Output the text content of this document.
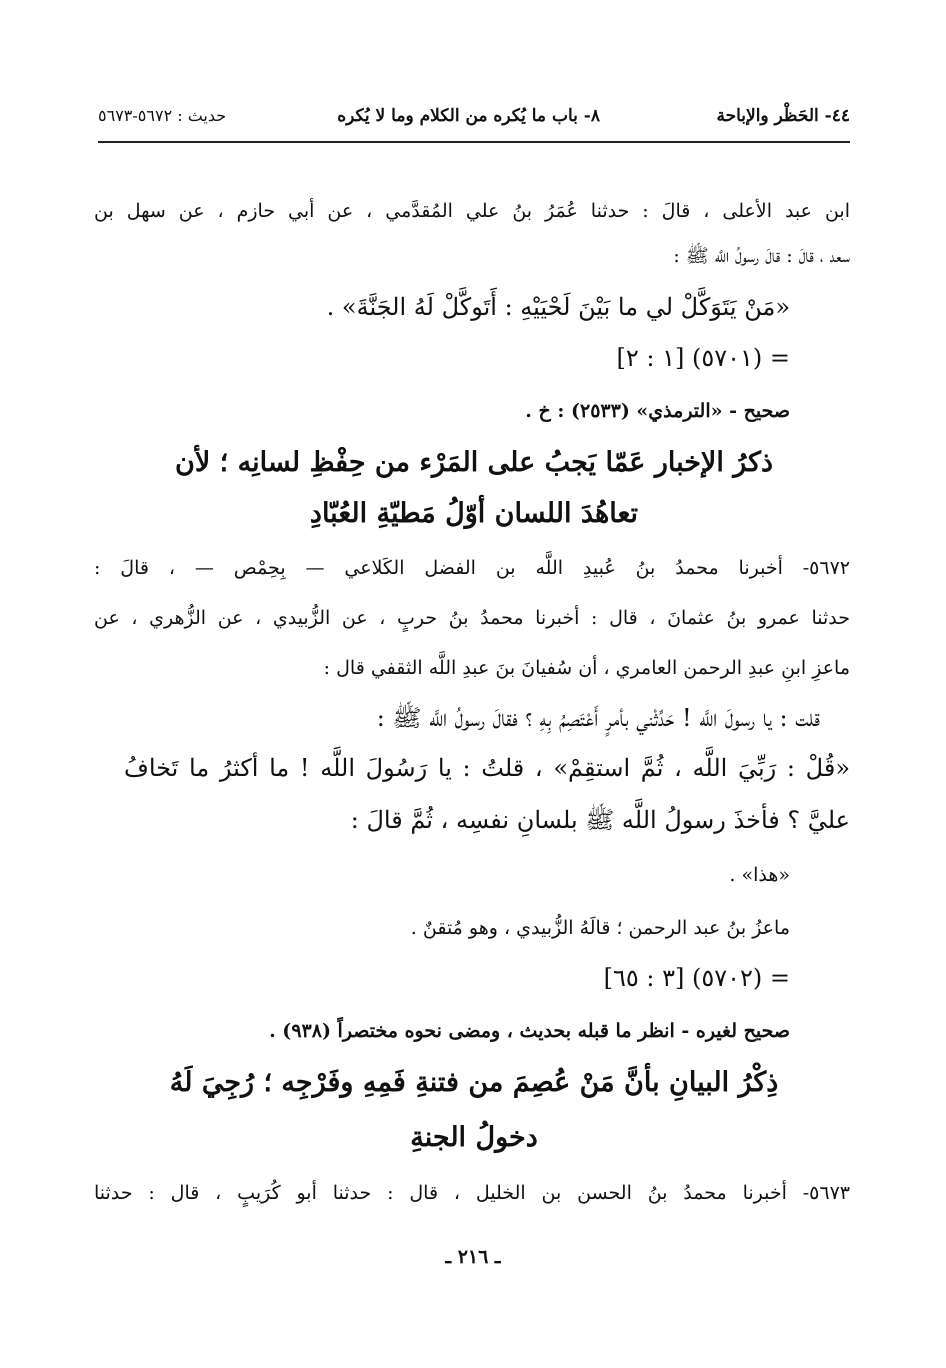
٤٤- الحَظْر والإباحة
٨- باب ما يُكره من الكلام وما لا يُكره
حديث : ٥٦٧٢-٥٦٧٣
ابن عبد الأعلى ، قالَ : حدثنا عُمَرُ بنُ علي المُقدَّمي ، عن أبي حازم ، عن سهل بن
سعد ، قالَ : قالَ رسولُ اللَّه ﷺ :
«مَنْ يَتَوَكَّلْ لي ما بَيْنَ لَحْيَيْهِ : أَتَوكَّلْ لَهُ الجَنَّةَ» .
= (٥٧٠١) [١ : ٢]
صحيح - «الترمذي» (٢٥٣٣) : خ .
ذكرُ الإخبار عَمّا يَجبُ على المَرْء من حِفْظِ لسانِه ؛ لأن
تعاهُدَ اللسان أوّلُ مَطيّةِ العُبّادِ
٥٦٧٢- أخبرنا محمدُ بنُ عُبيدِ اللَّه بن الفضل الكَلاعي — بِحِمْص — ، قالَ :
حدثنا عمرو بنُ عثمانَ ، قال : أخبرنا محمدُ بنُ حربٍ ، عن الزُّبيدي ، عن الزُّهري ، عن
ماعزِ ابنِ عبدِ الرحمن العامري ، أن سُفيانَ بنَ عبدِ اللَّه الثقفي قال :
قلت : يا رسولَ اللَّه ! حَدِّثْني بأمرٍ أَعْتَصِمُ بِهِ ؟ فقالَ رسولُ اللَّه ﷺ :
«قُلْ : رَبِّيَ اللَّه ، ثُمَّ استقِمْ» ، قلتُ : يا رَسُولَ اللَّه ! ما أكثرُ ما تَخافُ
عليَّ ؟ فأخذَ رسولُ اللَّه ﷺ بلسانِ نفسِه ، ثُمَّ قالَ :
«هذا» .
ماعزُ بنُ عبد الرحمن ؛ قالَهُ الزُّبيدي ، وهو مُتقنٌ .
= (٥٧٠٢) [٣ : ٦٥]
صحيح لغيره - انظر ما قبله بحديث ، ومضى نحوه مختصراً (٩٣٨) .
ذِكْرُ البيانِ بأنَّ مَنْ عُصِمَ من فتنةِ فَمِهِ وفَرْجِه ؛ رُجِيَ لَهُ
دخولُ الجنةِ
٥٦٧٣- أخبرنا محمدُ بنُ الحسن بن الخليل ، قال : حدثنا أبو كُرَيبٍ ، قال : حدثنا
ـ ٢١٦ ـ
